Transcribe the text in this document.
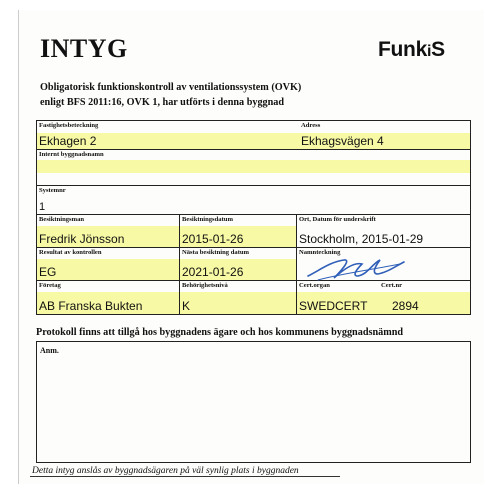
INTYG	FunkiS
Obligatorisk funktionskontroll av ventilationssystem (OVK)
enligt BFS 2011:16, OVK 1, har utförts i denna byggnad
Fastighetsbeteckning
Ekhagen 2
Adress
Ekhagsvägen 4
Internt byggnadsnamn
Systemnr
1
Besiktningsman
Fredrik Jönsson
Besiktningsdatum
2015-01-26
Ort, Datum för underskrift
Stockholm, 2015-01-29
Resultat av kontrollen
EG
Nästa besiktning datum
2021-01-26
Namnteckning
Företag
AB Franska Bukten
Behörighetsnivå
K
Cert.organ	Cert.nr
SWEDCERT 2894
Protokoll finns att tillgå hos byggnadens ägare och hos kommunens byggnadsnämnd
Anm.
Detta intyg anslås av byggnadsägaren på väl synlig plats i byggnaden
